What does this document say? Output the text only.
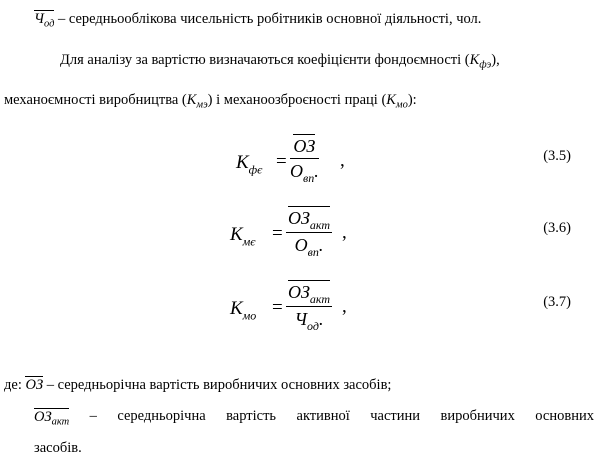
$Ч_{од}$ – середньооблікова чисельність робітників основної діяльності, чол.
Для аналізу за вартістю визначаються коефіцієнти фондоємності $(К_{фэ})$,
механоємності виробництва $(К_{мэ})$ і механоозброєності праці $(К_{мо})$:
$К_{фє}$ =
ОЗ
$О_{вп}$. ,	(3.5)
$К_{мє}$ =
$ОЗ_{акт}$
$О_{вп}$.
,	(3.6)
$К_{мо}$ =
$ОЗ_{акт}$
$Ч_{од}$.
,	(3.7)
де: ОЗ – середньорічна вартість виробничих основних засобів;
$ОЗ_{акт}$ – середньорічна вартість активної частини виробничих основних
засобів.
